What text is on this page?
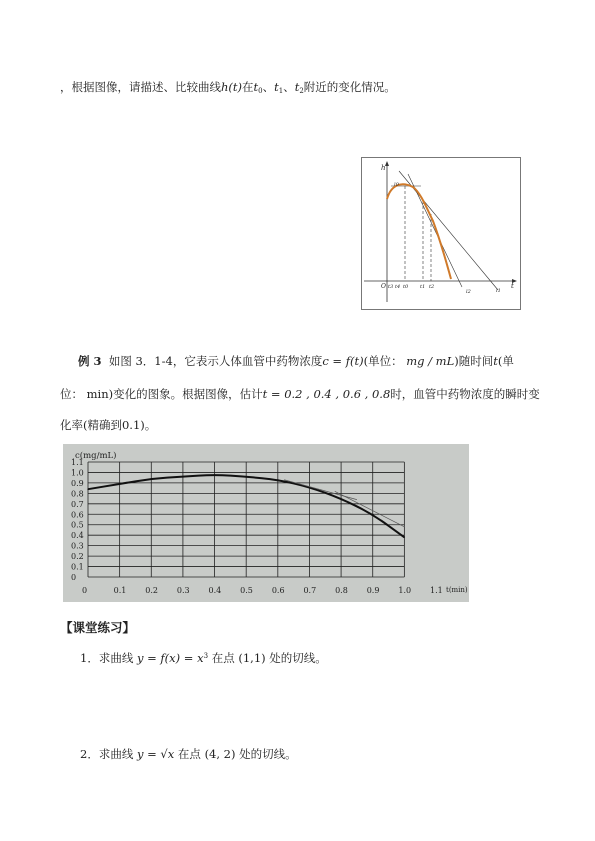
，根据图像，请描述、比较曲线h(t)在$t_0$、$t_1$、$t_2$附近的变化情况。
h
t
O t3 t4 t0 t1 t2
l0
l1
l2
例 3 如图 3．1-4，它表示人体血管中药物浓度c = f(t)(单位： mg / mL)随时间t(单
位： min)变化的图象。根据图像，估计t = 0.2 , 0.4 , 0.6 , 0.8时，血管中药物浓度的瞬时变
化率(精确到0.1)。
0
0.1
0.2
0.3
0.4
0.5
0.6
0.7
0.8
0.9
1.0
1.1
0	0.1 0.2 0.3 0.4 0.5 0.6 0.7 0.8 0.9 1.0 1.1
c(mg/mL)
t(min)
【课堂练习】
1．求曲线 $y = f(x) = x^3$ 在点 (1,1) 处的切线。
2．求曲线 y = √x 在点 (4, 2) 处的切线。
